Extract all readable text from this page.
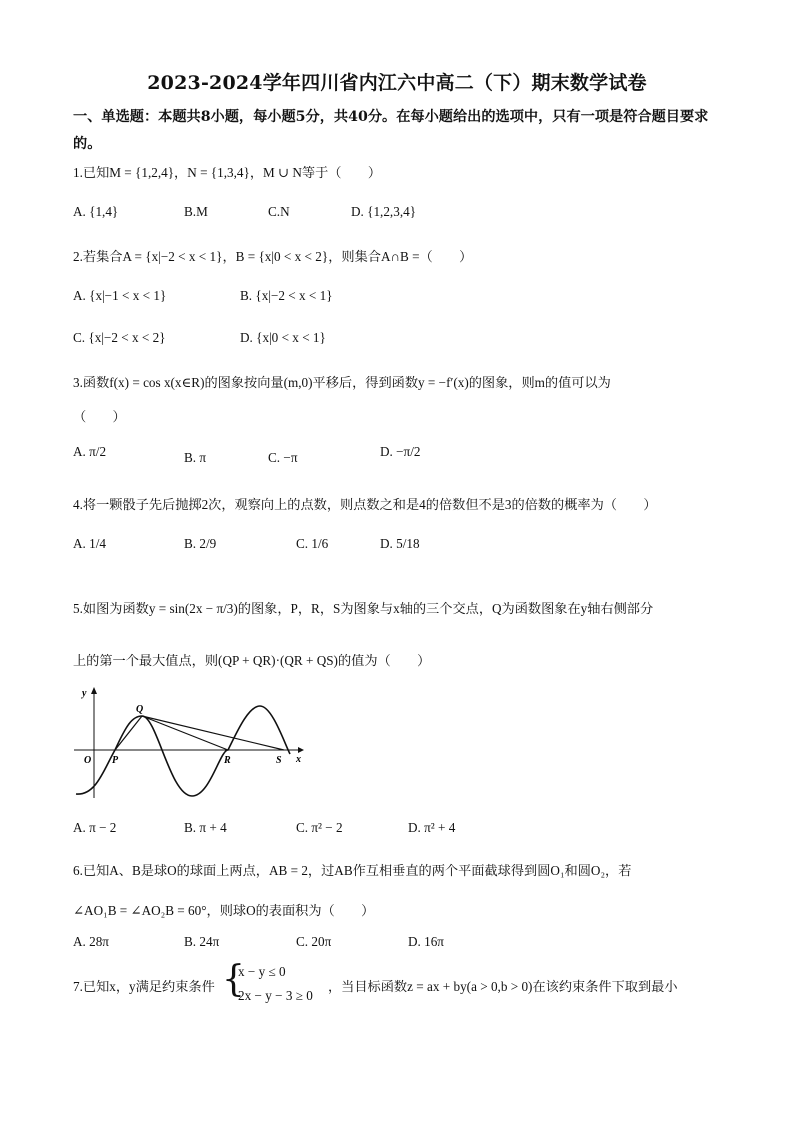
2023-2024学年四川省内江六中高二（下）期末数学试卷
一、单选题：本题共8小题，每小题5分，共40分。在每小题给出的选项中，只有一项是符合题目要求的。
1.已知M = {1,2,4}，N = {1,3,4}，M ∪ N等于（　　）
A. {1,4}	B.M	C.N	D. {1,2,3,4}
2.若集合A = {x|−2 < x < 1}，B = {x|0 < x < 2}，则集合A∩B =（　　）
A. {x|−1 < x < 1}	B. {x|−2 < x < 1}
C. {x|−2 < x < 2}	D. {x|0 < x < 1}
3.函数f(x) = cos x(x∈R)的图象按向量(m,0)平移后，得到函数y = −f′(x)的图象，则m的值可以为
（　　）
A. π/2	B. π	C. −π	D. −π/2
4.将一颗骰子先后抛掷2次，观察向上的点数，则点数之和是4的倍数但不是3的倍数的概率为（　　）
A. 1/4	B. 2/9	C. 1/6	D. 5/18
5.如图为函数y = sin(2x − π/3)的图象，P，R，S为图象与x轴的三个交点，Q为函数图象在y轴右侧部分
上的第一个最大值点，则(QP + QR)·(QR + QS)的值为（　　）
y
x
O P
Q
R	S
A. π − 2	B. π + 4	C. π² − 2	D. π² + 4
6.已知A、B是球O的球面上两点，AB = 2，过AB作互相垂直的两个平面截球得到圆O₁和圆O₂，若
∠AO₁B = ∠AO₂B = 60°，则球O的表面积为（　　）
A. 28π	B. 24π	C. 20π	D. 16π
7.已知x，y满足约束条件 {
x − y ≤ 0
2x − y − 3 ≥ 0
，当目标函数z = ax + by(a > 0,b > 0)在该约束条件下取到最小
